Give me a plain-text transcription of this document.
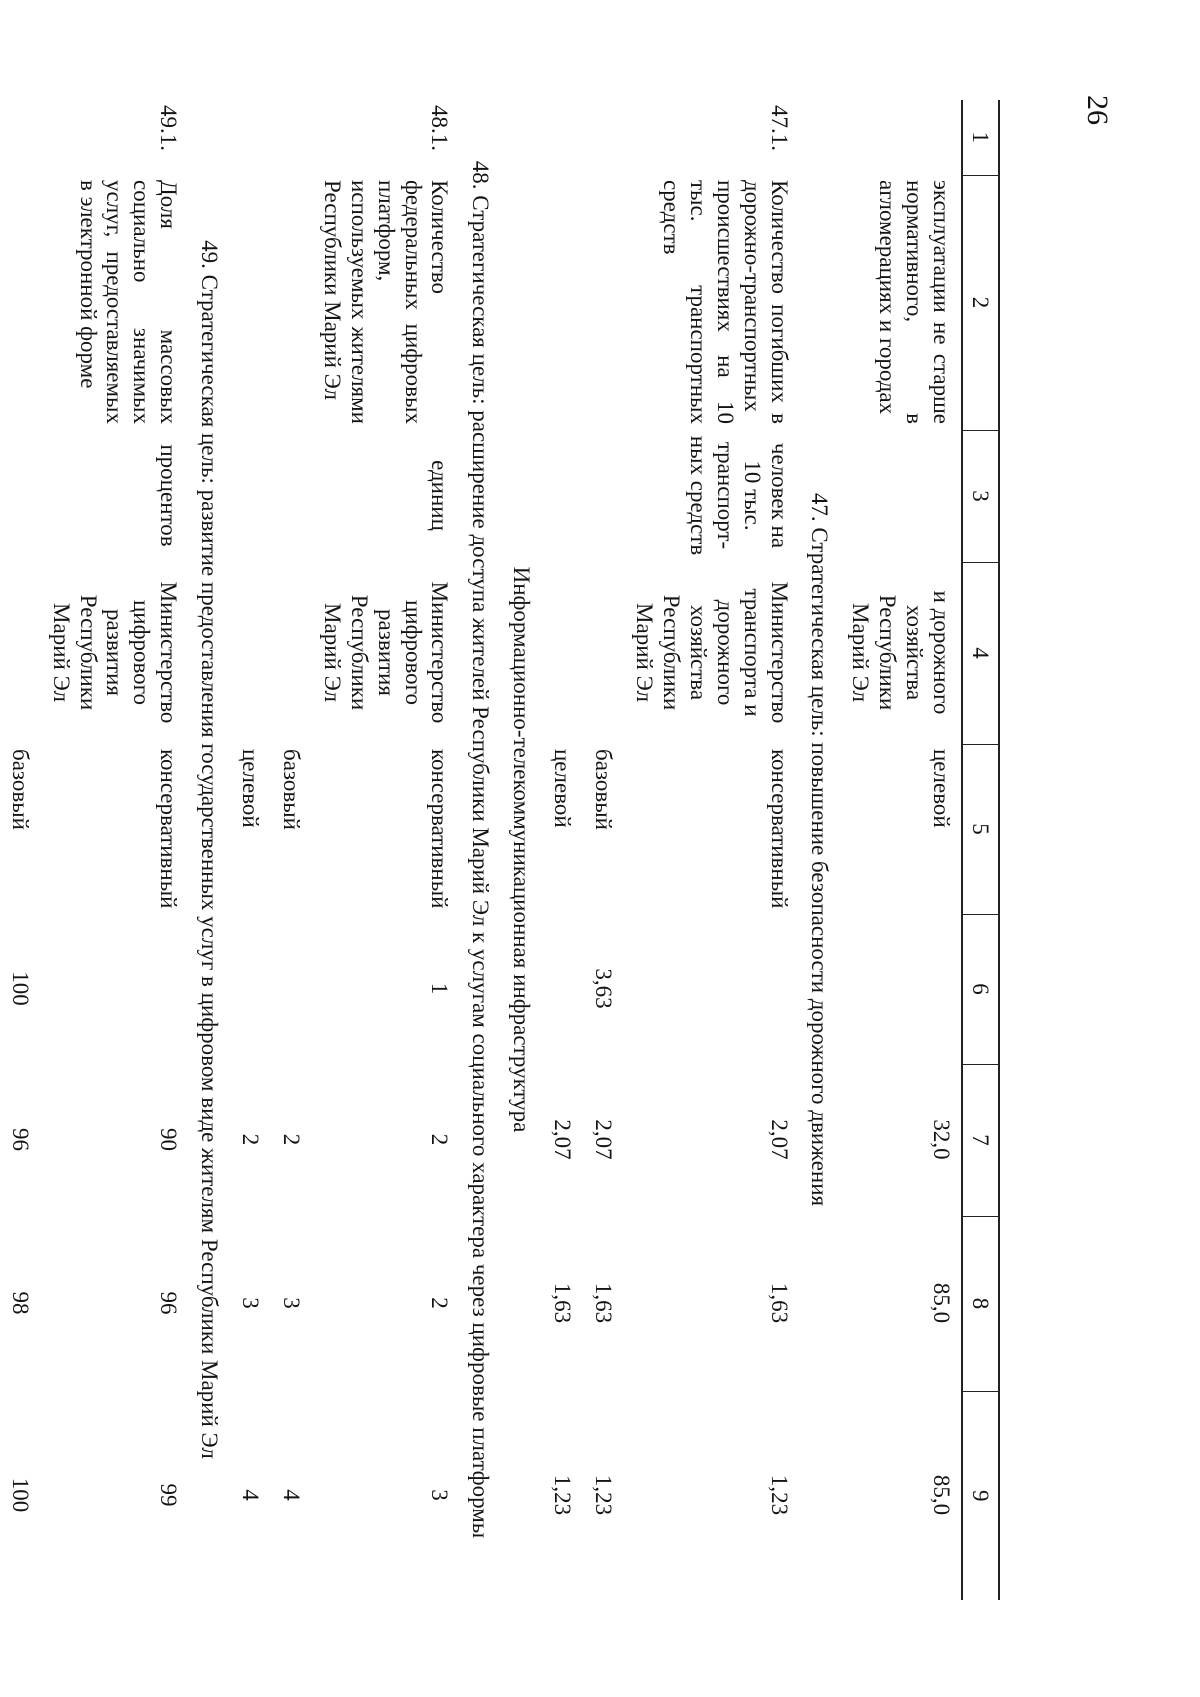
26
1	2	3	4	5	6	7	8	9
	эксплуатации не старше нормативного, в агломерациях и городах		и дорожного хозяйства Республики Марий Эл	целевой		32,0	85,0	85,0
47. Стратегическая цель: повышение безопасности дорожного движения								
47.1.	Количество погибших в дорожно-транспортных происшествиях на 10 тыс. транспортных средств	человек на 10 тыс. транспортных средств	Министерство транспорта и дорожного хозяйства Республики Марий Эл	консервативный		2,07	1,63	1,23
				базовый	3,63	2,07	1,63	1,23
				целевой		2,07	1,63	1,23
Информационно-телекоммуникационная инфраструктура								
48. Стратегическая цель: расширение доступа жителей Республики Марий Эл к услугам социального характера через цифровые платформы								
48.1.	Количество федеральных цифровых платформ, используемых жителями Республики Марий Эл	единиц	Министерство цифрового развития Республики Марий Эл	консервативный	1	2	2	3
				базовый		2	3	4
				целевой		2	3	4
49. Стратегическая цель: развитие предоставления государственных услуг в цифровом виде жителям Республики Марий Эл								
49.1.	Доля массовых социально значимых услуг, предоставляемых в электронной форме	процентов	Министерство цифрового развития Республики Марий Эл	консервативный		90	96	99
				базовый	100	96	98	100
